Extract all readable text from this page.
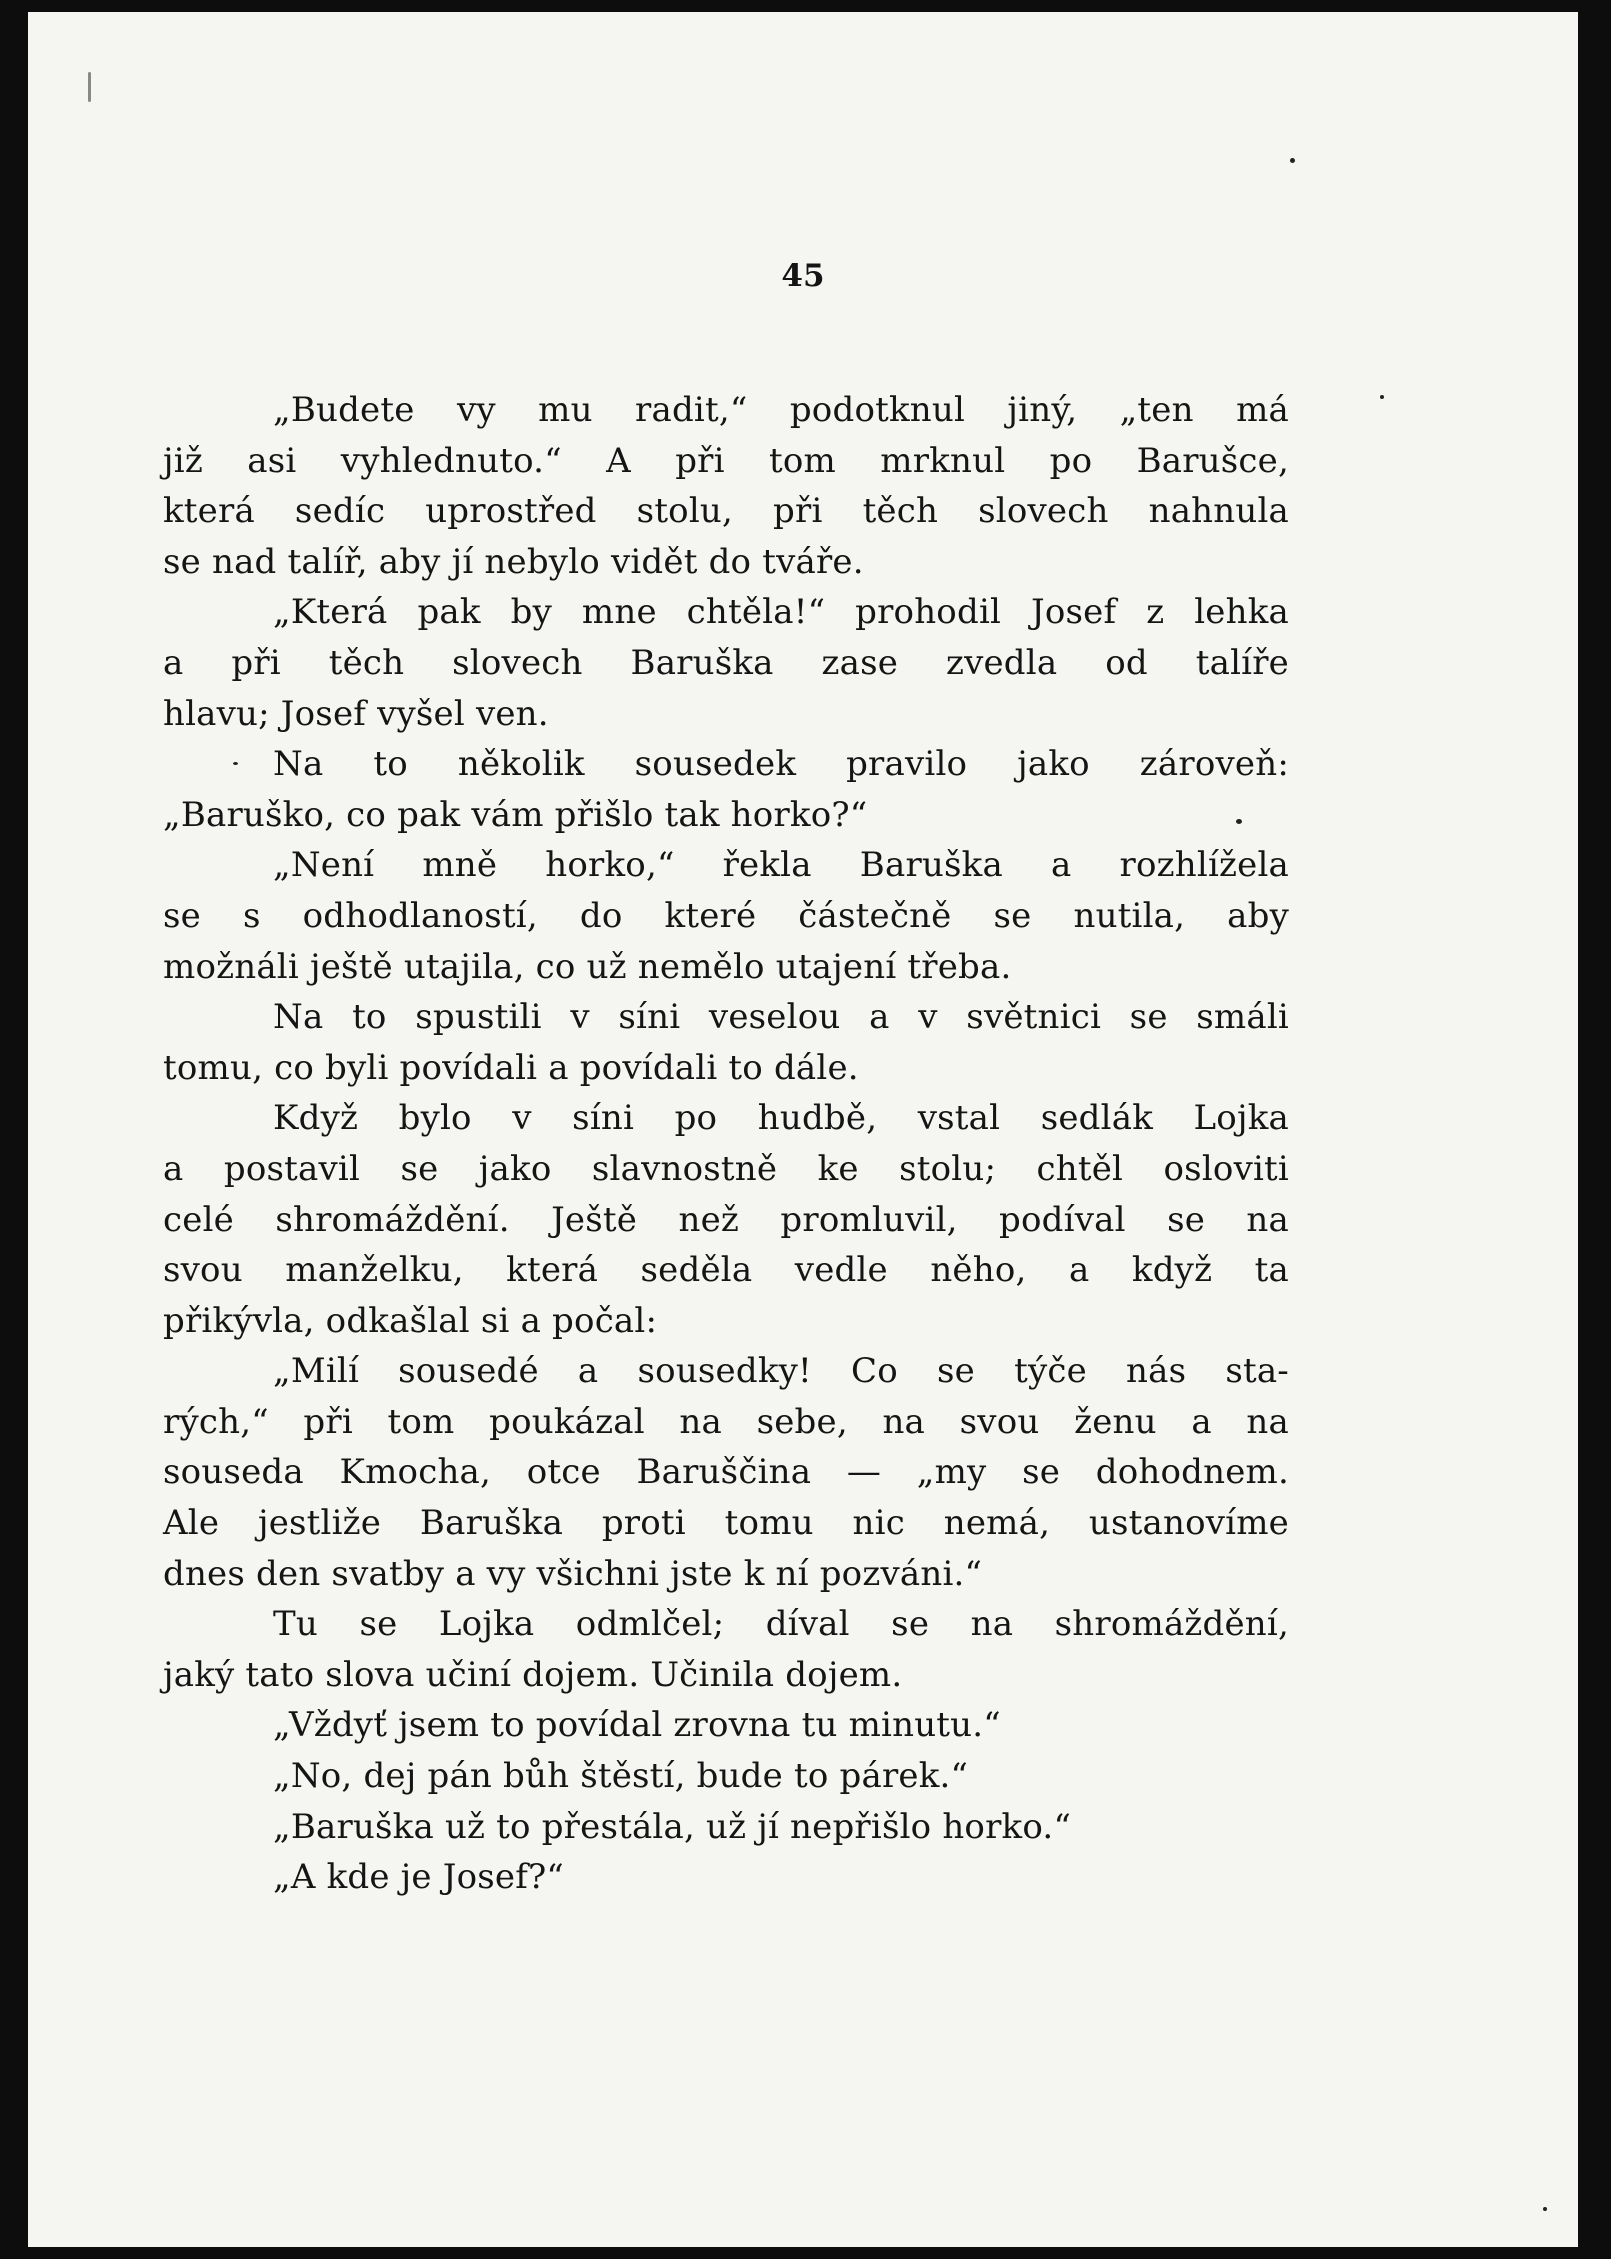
45
„Budete vy mu radit,“ podotknul jiný, „ten má
již asi vyhlednuto.“ A při tom mrknul po Barušce,
která sedíc uprostřed stolu, při těch slovech nahnula
se nad talíř, aby jí nebylo vidět do tváře.
„Která pak by mne chtěla!“ prohodil Josef z lehka
a při těch slovech Baruška zase zvedla od talíře
hlavu; Josef vyšel ven.
Na to několik sousedek pravilo jako zároveň:
„Baruško, co pak vám přišlo tak horko?“
„Není mně horko,“ řekla Baruška a rozhlížela
se s odhodlaností, do které částečně se nutila, aby
možnáli ještě utajila, co už nemělo utajení třeba.
Na to spustili v síni veselou a v světnici se smáli
tomu, co byli povídali a povídali to dále.
Když bylo v síni po hudbě, vstal sedlák Lojka
a postavil se jako slavnostně ke stolu; chtěl osloviti
celé shromáždění. Ještě než promluvil, podíval se na
svou manželku, která seděla vedle něho, a když ta
přikývla, odkašlal si a počal:
„Milí sousedé a sousedky! Co se týče nás sta-
rých,“ při tom poukázal na sebe, na svou ženu a na
souseda Kmocha, otce Baruščina — „my se dohodnem.
Ale jestliže Baruška proti tomu nic nemá, ustanovíme
dnes den svatby a vy všichni jste k ní pozváni.“
Tu se Lojka odmlčel; díval se na shromáždění,
jaký tato slova učiní dojem. Učinila dojem.
„Vždyť jsem to povídal zrovna tu minutu.“
„No, dej pán bůh štěstí, bude to párek.“
„Baruška už to přestála, už jí nepřišlo horko.“
„A kde je Josef?“
